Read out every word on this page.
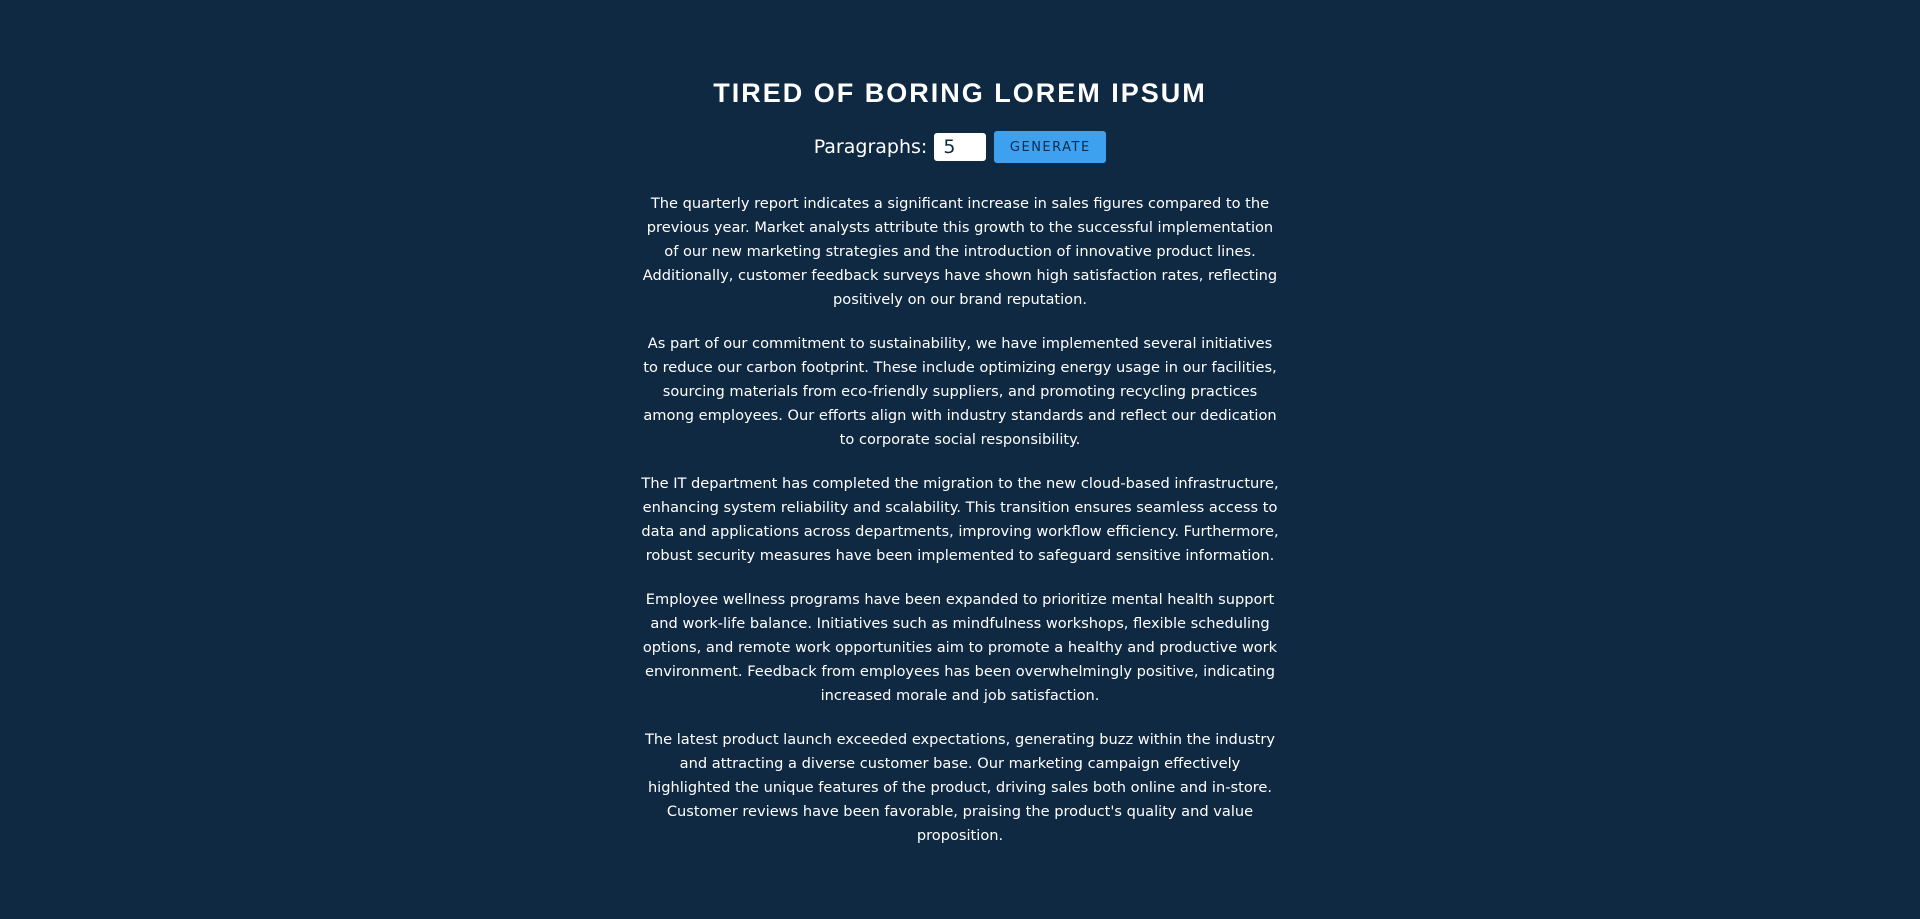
TIRED OF BORING LOREM IPSUM
Paragraphs:
5	GENERATE

The quarterly report indicates a significant increase in sales figures compared to the previous year. Market analysts attribute this growth to the successful implementation of our new marketing strategies and the introduction of innovative product lines. Additionally, customer feedback surveys have shown high satisfaction rates, reflecting positively on our brand reputation.

As part of our commitment to sustainability, we have implemented several initiatives to reduce our carbon footprint. These include optimizing energy usage in our facilities, sourcing materials from eco-friendly suppliers, and promoting recycling practices among employees. Our efforts align with industry standards and reflect our dedication to corporate social responsibility.

The IT department has completed the migration to the new cloud-based infrastructure, enhancing system reliability and scalability. This transition ensures seamless access to data and applications across departments, improving workflow efficiency. Furthermore, robust security measures have been implemented to safeguard sensitive information.

Employee wellness programs have been expanded to prioritize mental health support and work-life balance. Initiatives such as mindfulness workshops, flexible scheduling options, and remote work opportunities aim to promote a healthy and productive work environment. Feedback from employees has been overwhelmingly positive, indicating increased morale and job satisfaction.

The latest product launch exceeded expectations, generating buzz within the industry and attracting a diverse customer base. Our marketing campaign effectively highlighted the unique features of the product, driving sales both online and in-store. Customer reviews have been favorable, praising the product's quality and value proposition.
